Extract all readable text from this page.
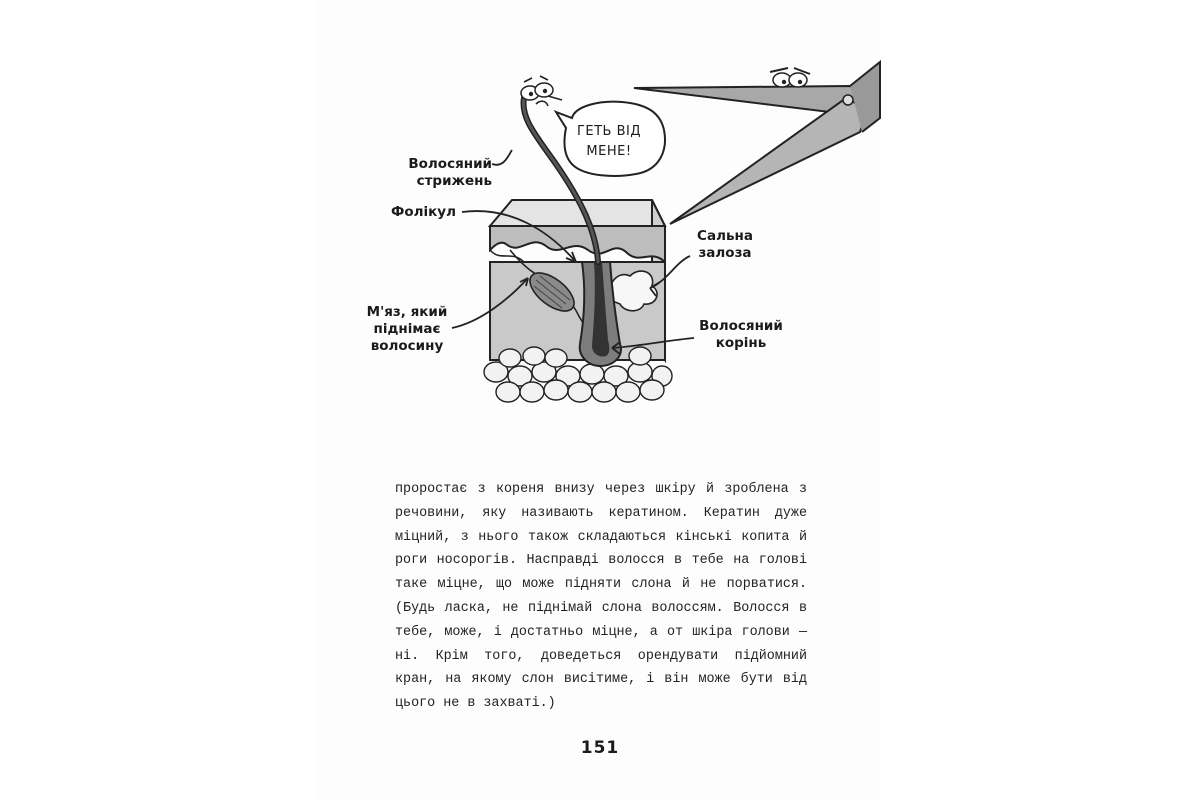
Волосяний
стрижень
Фолікул
Сальна
залоза
М'яз, який
піднімає
волосину
Волосяний
корінь
ГЕТЬ ВІД
МЕНЕ!

проростає з кореня внизу через шкіру й зроблена з речовини, яку називають кератином. Кератин дуже міцний, з нього також складаються кінські копита й роги носорогів. Насправді волосся в тебе на голові таке міцне, що може підняти слона й не порватися. (Будь ласка, не піднімай слона волоссям. Волосся в тебе, може, і достатньо міцне, а от шкіра голови — ні. Крім того, доведеться орендувати підйомний кран, на якому слон висітиме, і він може бути від цього не в захваті.)

151
